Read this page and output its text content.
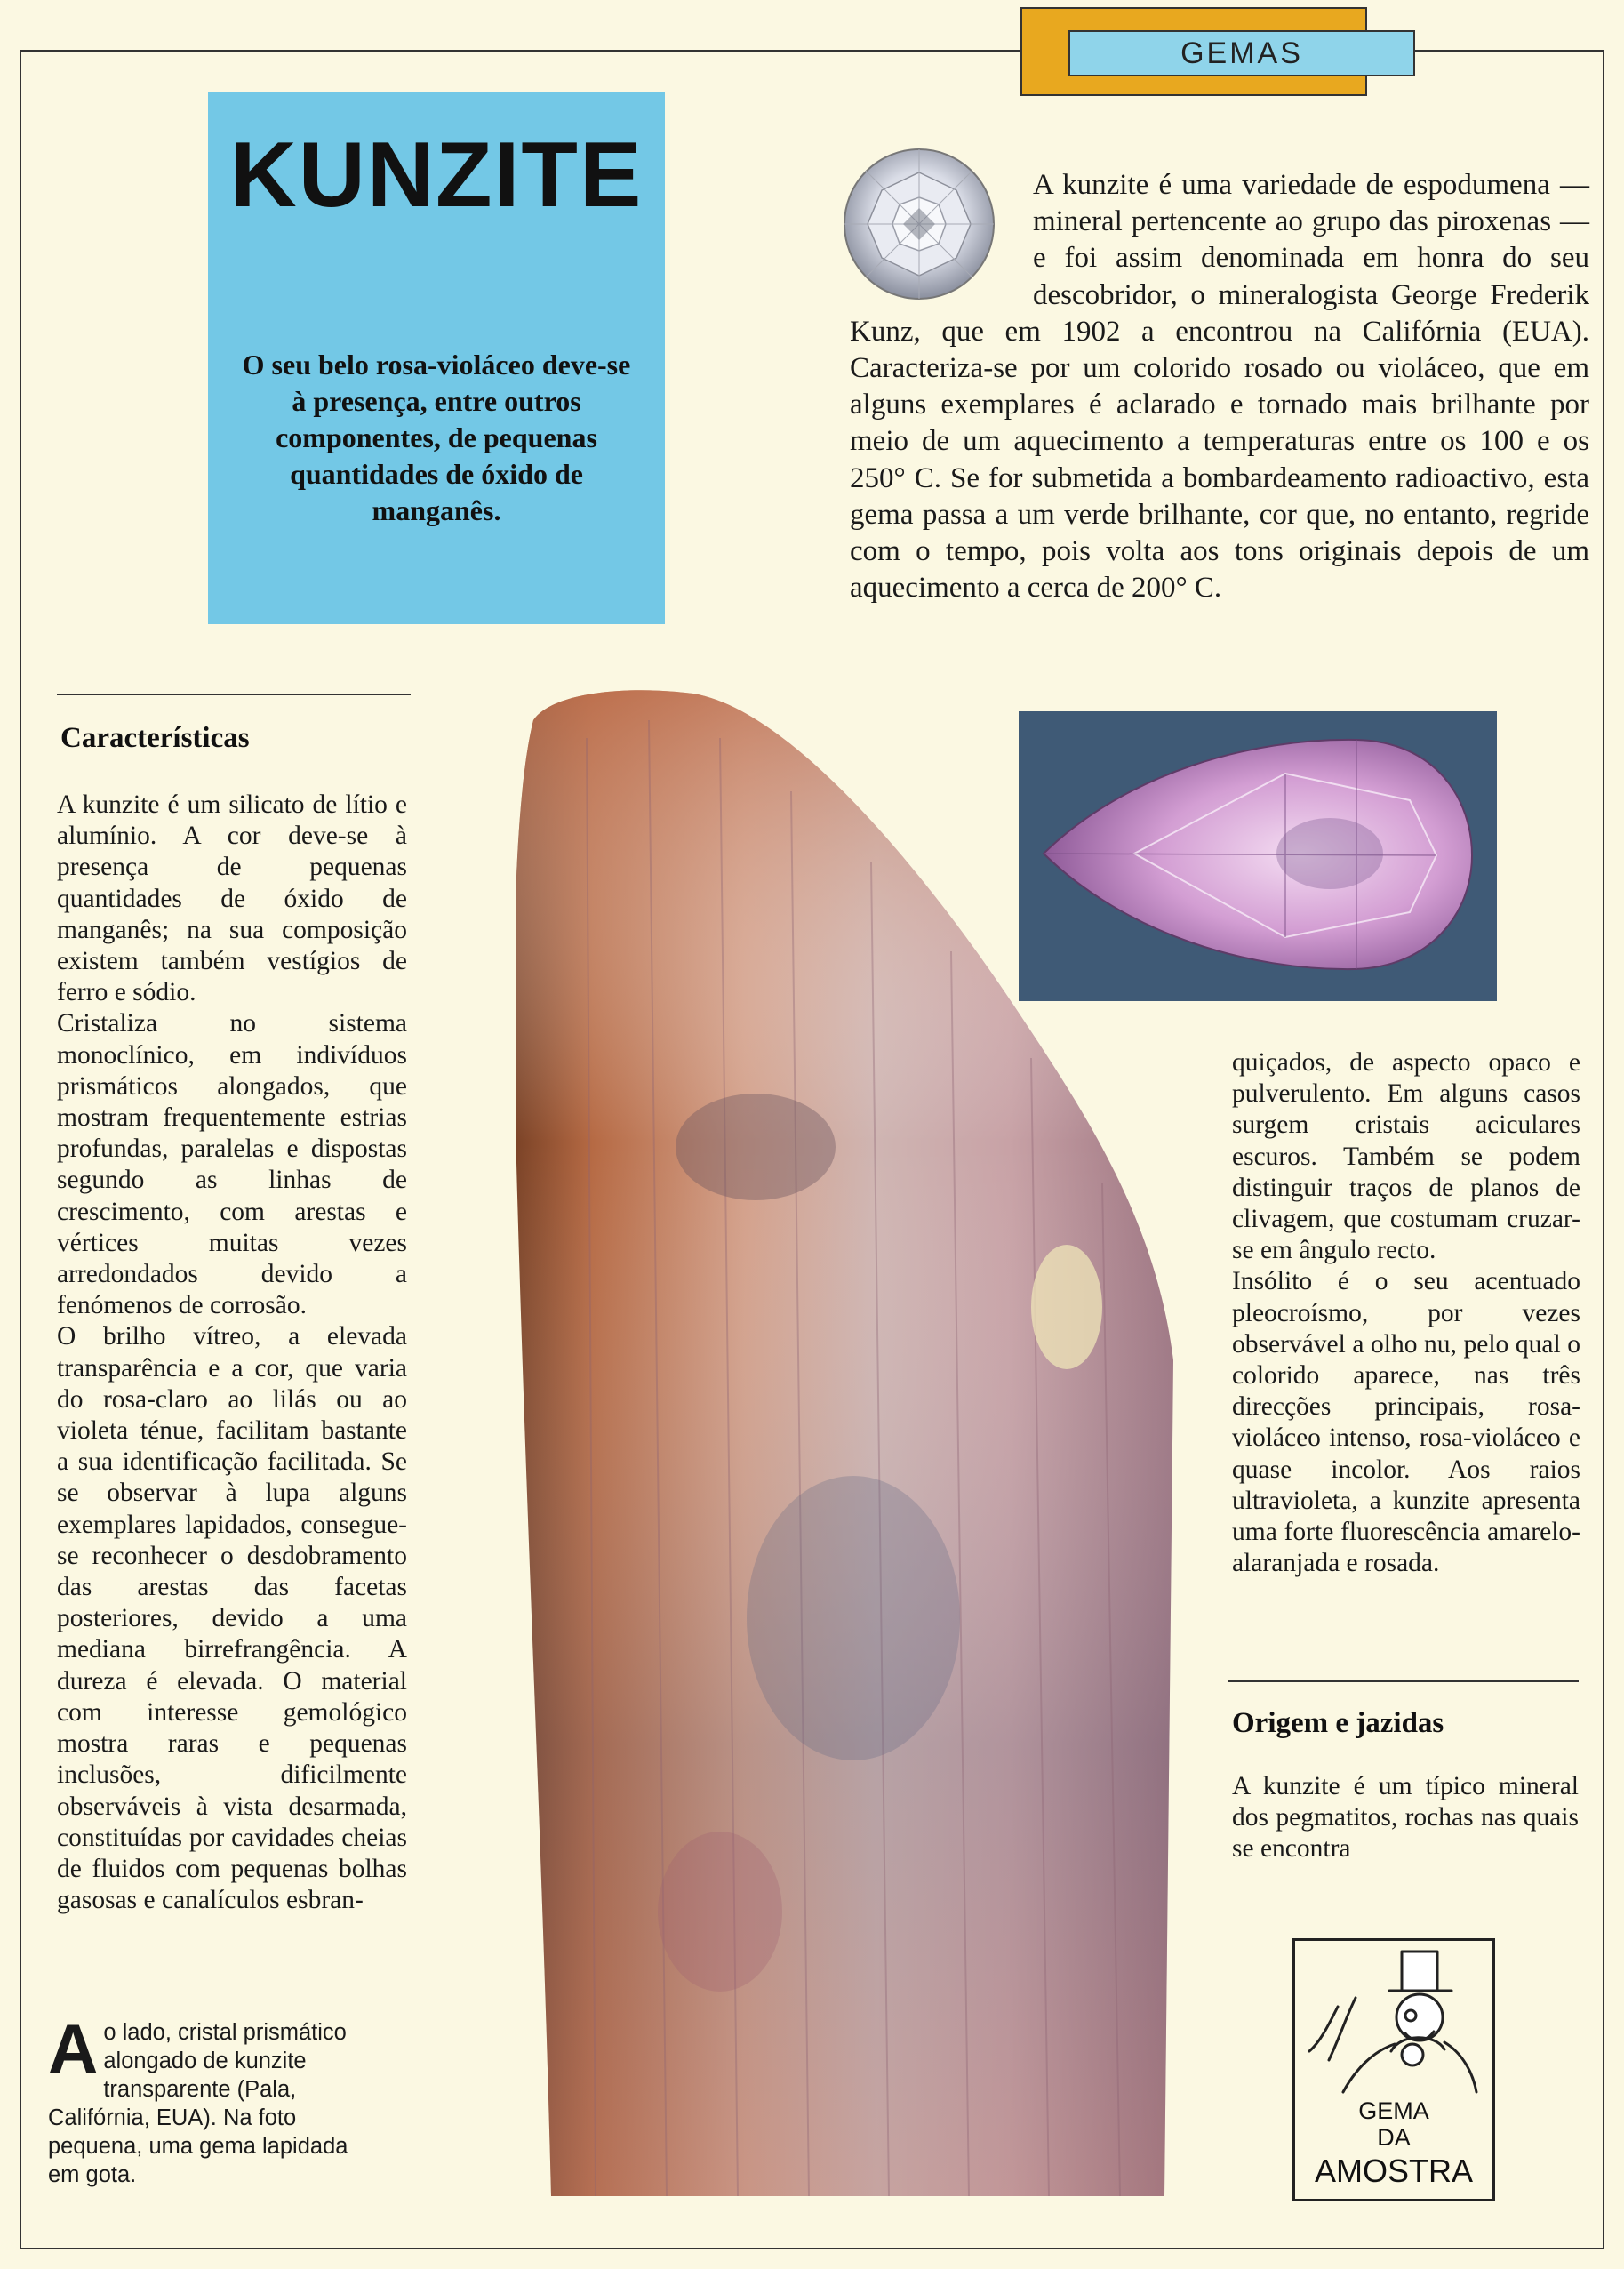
GEMAS
KUNZITE

O seu belo rosa-violáceo deve-se à presença, entre outros componentes, de pequenas quantidades de óxido de manganês.

A kunzite é uma variedade de espodumena — mineral pertencente ao grupo das piroxenas — e foi assim denominada em honra do seu descobridor, o mineralogista George Frederik Kunz, que em 1902 a encontrou na Califórnia (EUA). Caracteriza-se por um colorido rosado ou violáceo, que em alguns exemplares é aclarado e tornado mais brilhante por meio de um aquecimento a temperaturas entre os 100 e os 250° C. Se for submetida a bombardeamento radioactivo, esta gema passa a um verde brilhante, cor que, no entanto, regride com o tempo, pois volta aos tons originais depois de um aquecimento a cerca de 200° C.

Características

A kunzite é um silicato de lítio e alumínio. A cor deve-se à presença de pequenas quantidades de óxido de manganês; na sua composição existem também vestígios de ferro e sódio.

Cristaliza no sistema monoclínico, em indivíduos prismáticos alongados, que mostram frequentemente estrias profundas, paralelas e dispostas segundo as linhas de crescimento, com arestas e vértices muitas vezes arredondados devido a fenómenos de corrosão.

O brilho vítreo, a elevada transparência e a cor, que varia do rosa-claro ao lilás ou ao violeta ténue, facilitam bastante a sua identificação facilitada. Se se observar à lupa alguns exemplares lapidados, consegue-se reconhecer o desdobramento das arestas das facetas posteriores, devido a uma mediana birrefrangência. A dureza é elevada. O material com interesse gemológico mostra raras e pequenas inclusões, dificilmente observáveis à vista desarmada, constituídas por cavidades cheias de fluidos com pequenas bolhas gasosas e canalículos esbran-

Ao lado, cristal prismático alongado de kunzite transparente (Pala, Califórnia, EUA). Na foto pequena, uma gema lapidada em gota.

quiçados, de aspecto opaco e pulverulento. Em alguns casos surgem cristais aciculares escuros. Também se podem distinguir traços de planos de clivagem, que costumam cruzar-se em ângulo recto.

Insólito é o seu acentuado pleocroísmo, por vezes observável a olho nu, pelo qual o colorido aparece, nas três direcções principais, rosa-violáceo intenso, rosa-violáceo e quase incolor. Aos raios ultravioleta, a kunzite apresenta uma forte fluorescência amarelo-alaranjada e rosada.

Origem e jazidas

A kunzite é um típico mineral dos pegmatitos, rochas nas quais se encontra

GEMA
DA
AMOSTRA
